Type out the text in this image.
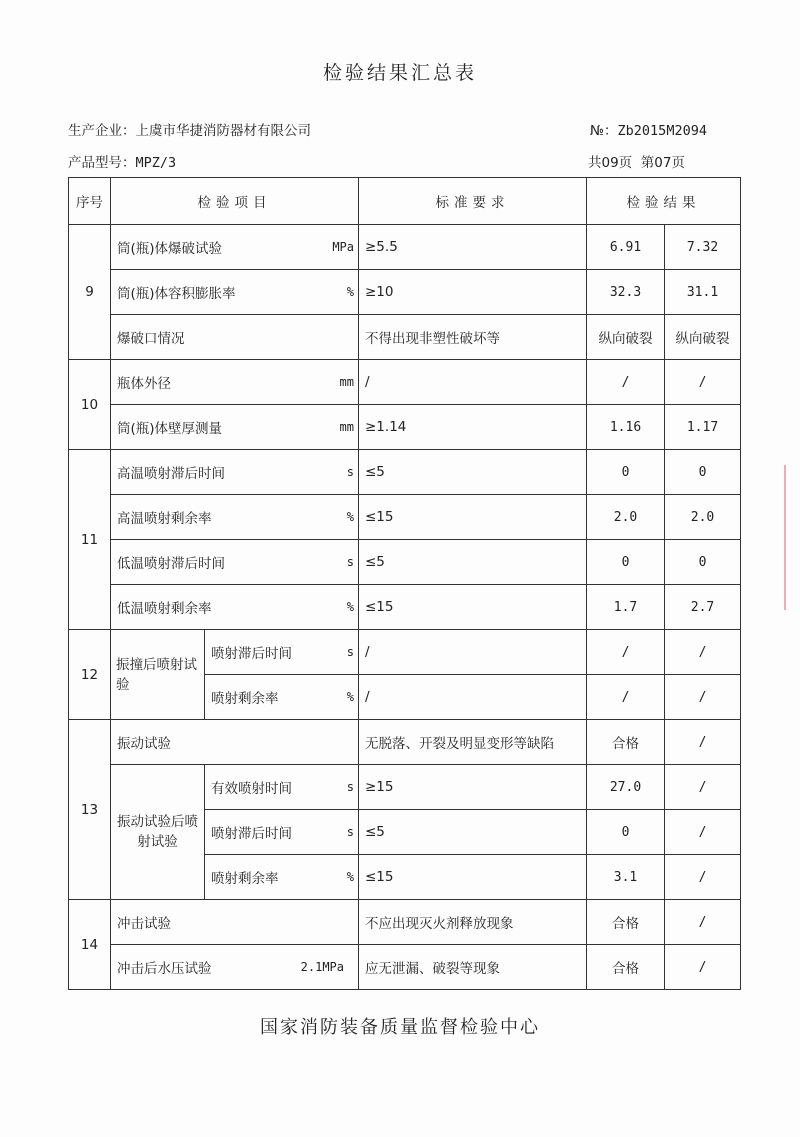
检验结果汇总表
生产企业：上虞市华捷消防器材有限公司	№：Zb2015M2094
产品型号：MPZ/3	共09页 第07页
序号	检验项目		标准要求	检验结果	
9	筒(瓶)体爆破试验 MPa		≥5.5	6.91	7.32
	筒(瓶)体容积膨胀率 %		≥10	32.3	31.1
	爆破口情况		不得出现非塑性破坏等	纵向破裂	纵向破裂
10	瓶体外径 mm		/	/	/
	筒(瓶)体壁厚测量 mm		≥1.14	1.16	1.17
11	高温喷射滞后时间 s		≤5	0	0
	高温喷射剩余率 %		≤15	2.0	2.0
	低温喷射滞后时间 s		≤5	0	0
	低温喷射剩余率 %		≤15	1.7	2.7
12	振撞后喷射试验	喷射滞后时间 s	/	/	/
		喷射剩余率 %	/	/	/
13	振动试验		无脱落、开裂及明显变形等缺陷	合格	/
	振动试验后喷射试验	有效喷射时间 s	≥15	27.0	/
		喷射滞后时间 s	≤5	0	/
		喷射剩余率 %	≤15	3.1	/
14	冲击试验		不应出现灭火剂释放现象	合格	/
	冲击后水压试验 2.1MPa		应无泄漏、破裂等现象	合格	/
国家消防装备质量监督检验中心
